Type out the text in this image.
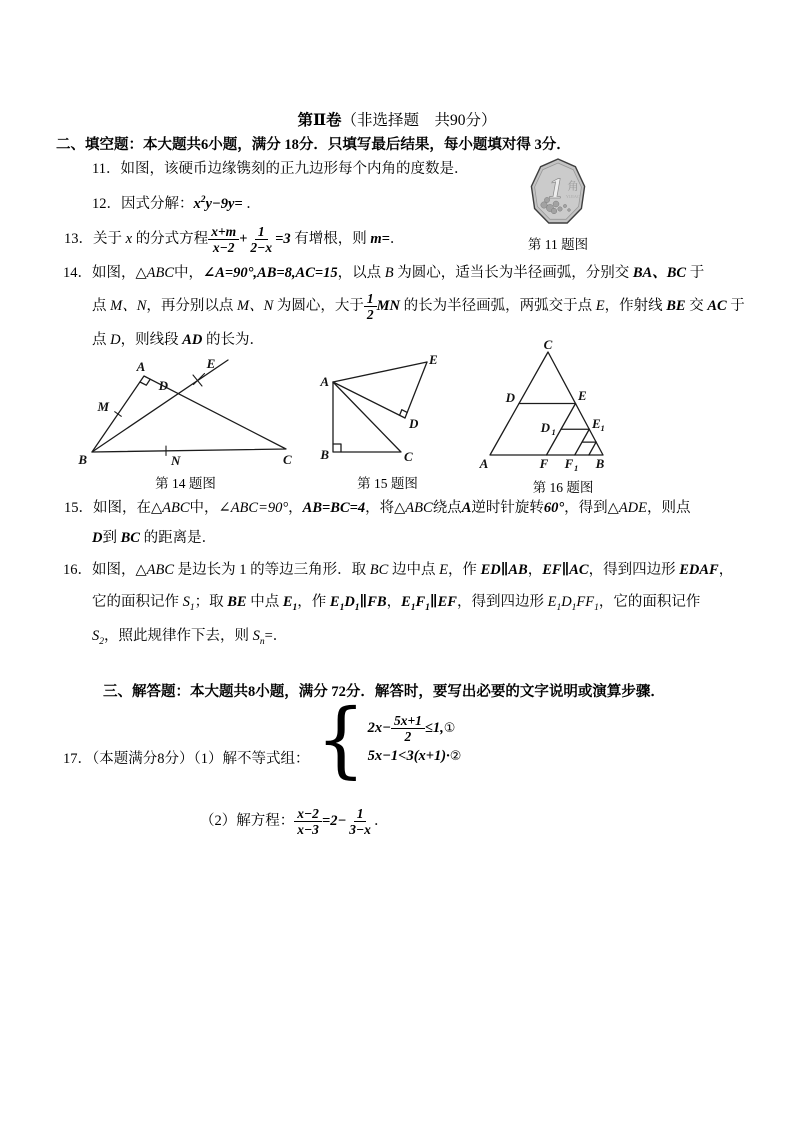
第Ⅱ卷（非选择题　共90分）
二、填空题：本大题共6小题，满分 18分．只填写最后结果，每小题填对得 3分．
11．如图，该硬币边缘镌刻的正九边形每个内角的度数是．
12．因式分解：$x^2y-9y=$ ．	1 角
YIJIAO
第 11 题图
13．关于 x 的分式方程 $\frac{x+m}{x-2} + \frac{1}{2-x} =3$ 有增根，则 m=．
14．如图，△ABC中，∠A=90°,AB=8,AC=15，以点 B 为圆心，适当长为半径画弧，分别交 BA、BC 于
点 M、N ，再分别以点 M、N 为圆心，大于 $\frac{1}{2}$ MN 的长为半径画弧，两弧交于点 E ，作射线 BE 交 AC 于
点 D，则线段 AD 的长为．
A
M
B	N	C
D
E
第 14 题图
A
B	C
D
E
第 15 题图
C
D	E
D 1
E 1
A	F F 1 B
第 16 题图
15．如图，在△ABC中，∠ABC=90°，AB=BC=4，将△ABC绕点A逆时针旋转60°，得到△ADE，则点
D到 BC 的距离是．
16．如图，△ABC 是边长为 1 的等边三角形．取 BC 边中点 E，作 ED∥AB，EF∥AC，得到四边形 EDAF，
它的面积记作 $S_1$；取 BE 中点 $E_1$，作 $E_1D_1\parallel FB$，$E_1F_1\parallel EF$，得到四边形 $E_1D_1FF_1$，它的面积记作
$S_2$，照此规律作下去，则 $S_n=$．
三、解答题：本大题共8小题，满分 72分．解答时，要写出必要的文字说明或演算步骤．
17．（本题满分8分）（1）解不等式组： { $2x- \frac{5x+1}{2}$ ≤1,①
5x−1<3(x+1)·②
（2）解方程： $\frac{x-2}{x-3} =2- \frac{1}{3-x}$ ．
